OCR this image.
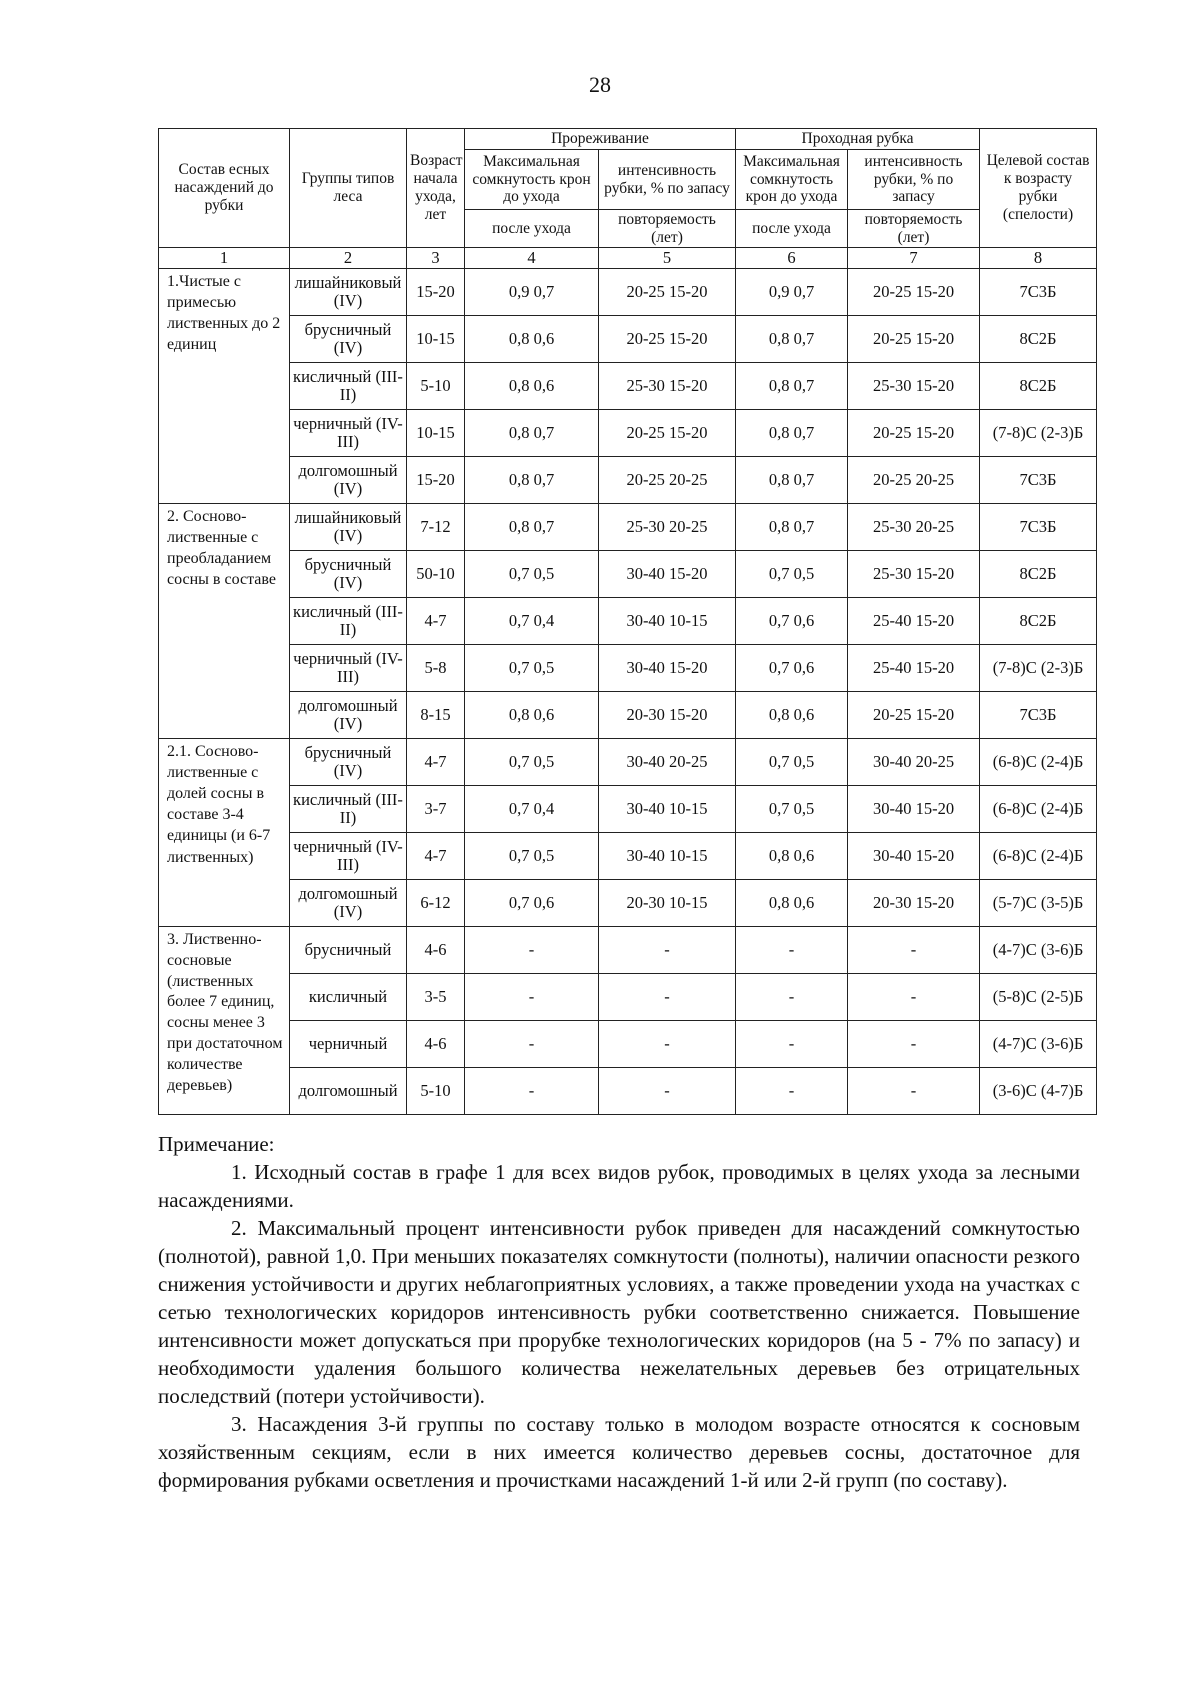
28
Состав есных насаждений до рубки	Группы типов леса	Возраст начала ухода, лет	Прореживание		Проходная рубка		Целевой состав к возрасту рубки (спелости)
			Максимальная сомкнутость крон до ухода	интенсивность рубки, % по запасу	Максимальная сомкнутость крон до ухода	интенсивность рубки, % по запасу	
			после ухода	повторяемость (лет)	после ухода	повторяемость (лет)	
1	2	3	4	5	6	7	8
1.Чистые с примесью лиственных до 2 единиц	лишайниковый (IV)	15-20	0,9 0,7	20-25 15-20	0,9 0,7	20-25 15-20	7С3Б
	брусничный (IV)	10-15	0,8 0,6	20-25 15-20	0,8 0,7	20-25 15-20	8С2Б
	кисличный (III-II)	5-10	0,8 0,6	25-30 15-20	0,8 0,7	25-30 15-20	8С2Б
	черничный (IV-III)	10-15	0,8 0,7	20-25 15-20	0,8 0,7	20-25 15-20	(7-8)С (2-3)Б
	долгомошный (IV)	15-20	0,8 0,7	20-25 20-25	0,8 0,7	20-25 20-25	7С3Б
2. Сосново-лиственные с преобладанием сосны в составе	лишайниковый (IV)	7-12	0,8 0,7	25-30 20-25	0,8 0,7	25-30 20-25	7С3Б
	брусничный (IV)	50-10	0,7 0,5	30-40 15-20	0,7 0,5	25-30 15-20	8С2Б
	кисличный (III-II)	4-7	0,7 0,4	30-40 10-15	0,7 0,6	25-40 15-20	8С2Б
	черничный (IV-III)	5-8	0,7 0,5	30-40 15-20	0,7 0,6	25-40 15-20	(7-8)С (2-3)Б
	долгомошный (IV)	8-15	0,8 0,6	20-30 15-20	0,8 0,6	20-25 15-20	7С3Б
2.1. Сосново-лиственные с долей сосны в составе 3-4 единицы (и 6-7 лиственных)	брусничный (IV)	4-7	0,7 0,5	30-40 20-25	0,7 0,5	30-40 20-25	(6-8)С (2-4)Б
	кисличный (III-II)	3-7	0,7 0,4	30-40 10-15	0,7 0,5	30-40 15-20	(6-8)С (2-4)Б
	черничный (IV-III)	4-7	0,7 0,5	30-40 10-15	0,8 0,6	30-40 15-20	(6-8)С (2-4)Б
	долгомошный (IV)	6-12	0,7 0,6	20-30 10-15	0,8 0,6	20-30 15-20	(5-7)С (3-5)Б
3. Лиственно-сосновые (лиственных более 7 единиц, сосны менее 3 при достаточном количестве деревьев)	брусничный	4-6	-	-	-	-	(4-7)С (3-6)Б
	кисличный	3-5	-	-	-	-	(5-8)С (2-5)Б
	черничный	4-6	-	-	-	-	(4-7)С (3-6)Б
	долгомошный	5-10	-	-	-	-	(3-6)С (4-7)Б

Примечание:

1. Исходный состав в графе 1 для всех видов рубок, проводимых в целях ухода за лесными насаждениями.

2. Максимальный процент интенсивности рубок приведен для насаждений сомкнутостью (полнотой), равной 1,0. При меньших показателях сомкнутости (полноты), наличии опасности резкого снижения устойчивости и других неблагоприятных условиях, а также проведении ухода на участках с сетью технологических коридоров интенсивность рубки соответственно снижается. Повышение интенсивности может допускаться при прорубке технологических коридоров (на 5 - 7% по запасу) и необходимости удаления большого количества нежелательных деревьев без отрицательных последствий (потери устойчивости).

3. Насаждения 3-й группы по составу только в молодом возрасте относятся к сосновым хозяйственным секциям, если в них имеется количество деревьев сосны, достаточное для формирования рубками осветления и прочистками насаждений 1-й или 2-й групп (по составу).
